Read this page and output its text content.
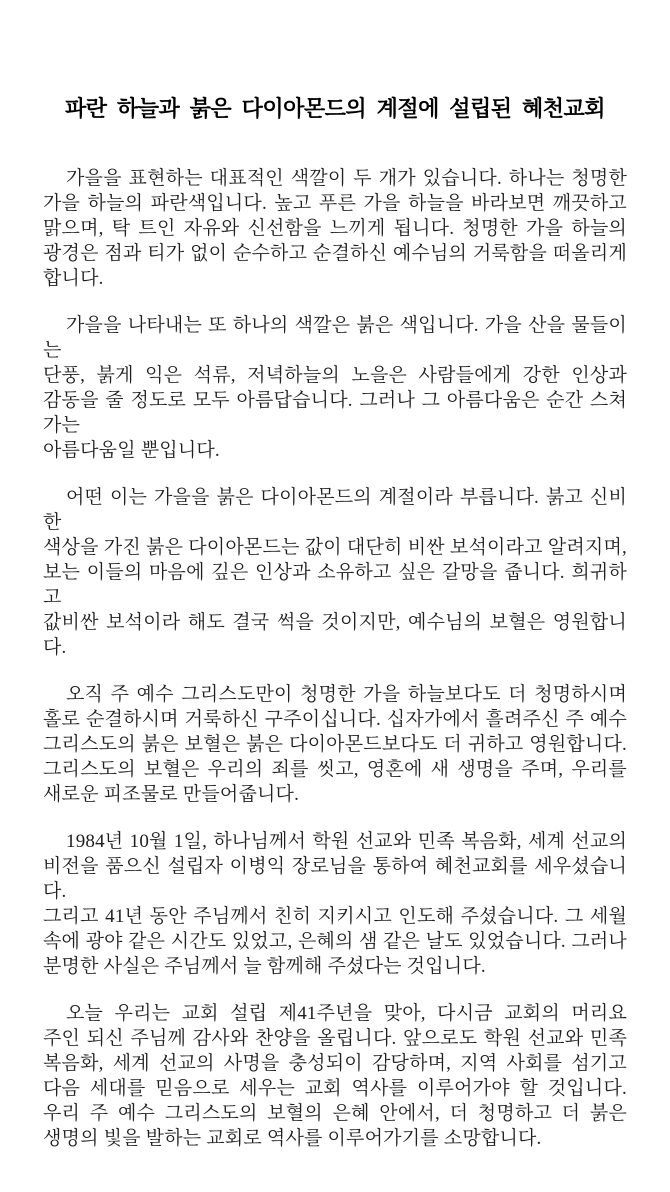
파란 하늘과 붉은 다이아몬드의 계절에 설립된 혜천교회

가을을 표현하는 대표적인 색깔이 두 개가 있습니다. 하나는 청명한
가을 하늘의 파란색입니다. 높고 푸른 가을 하늘을 바라보면 깨끗하고
맑으며, 탁 트인 자유와 신선함을 느끼게 됩니다. 청명한 가을 하늘의
광경은 점과 티가 없이 순수하고 순결하신 예수님의 거룩함을 떠올리게
합니다.

가을을 나타내는 또 하나의 색깔은 붉은 색입니다. 가을 산을 물들이는
단풍, 붉게 익은 석류, 저녁하늘의 노을은 사람들에게 강한 인상과
감동을 줄 정도로 모두 아름답습니다. 그러나 그 아름다움은 순간 스쳐가는
아름다움일 뿐입니다.

어떤 이는 가을을 붉은 다이아몬드의 계절이라 부릅니다. 붉고 신비한
색상을 가진 붉은 다이아몬드는 값이 대단히 비싼 보석이라고 알려지며,
보는 이들의 마음에 깊은 인상과 소유하고 싶은 갈망을 줍니다. 희귀하고
값비싼 보석이라 해도 결국 썩을 것이지만, 예수님의 보혈은 영원합니다.

오직 주 예수 그리스도만이 청명한 가을 하늘보다도 더 청명하시며
홀로 순결하시며 거룩하신 구주이십니다. 십자가에서 흘려주신 주 예수
그리스도의 붉은 보혈은 붉은 다이아몬드보다도 더 귀하고 영원합니다.
그리스도의 보혈은 우리의 죄를 씻고, 영혼에 새 생명을 주며, 우리를
새로운 피조물로 만들어줍니다.

1984년 10월 1일, 하나님께서 학원 선교와 민족 복음화, 세계 선교의
비전을 품으신 설립자 이병익 장로님을 통하여 혜천교회를 세우셨습니다.
그리고 41년 동안 주님께서 친히 지키시고 인도해 주셨습니다. 그 세월
속에 광야 같은 시간도 있었고, 은혜의 샘 같은 날도 있었습니다. 그러나
분명한 사실은 주님께서 늘 함께해 주셨다는 것입니다.

오늘 우리는 교회 설립 제41주년을 맞아, 다시금 교회의 머리요
주인 되신 주님께 감사와 찬양을 올립니다. 앞으로도 학원 선교와 민족
복음화, 세계 선교의 사명을 충성되이 감당하며, 지역 사회를 섬기고
다음 세대를 믿음으로 세우는 교회 역사를 이루어가야 할 것입니다.
우리 주 예수 그리스도의 보혈의 은혜 안에서, 더 청명하고 더 붉은
생명의 빛을 발하는 교회로 역사를 이루어가기를 소망합니다.
